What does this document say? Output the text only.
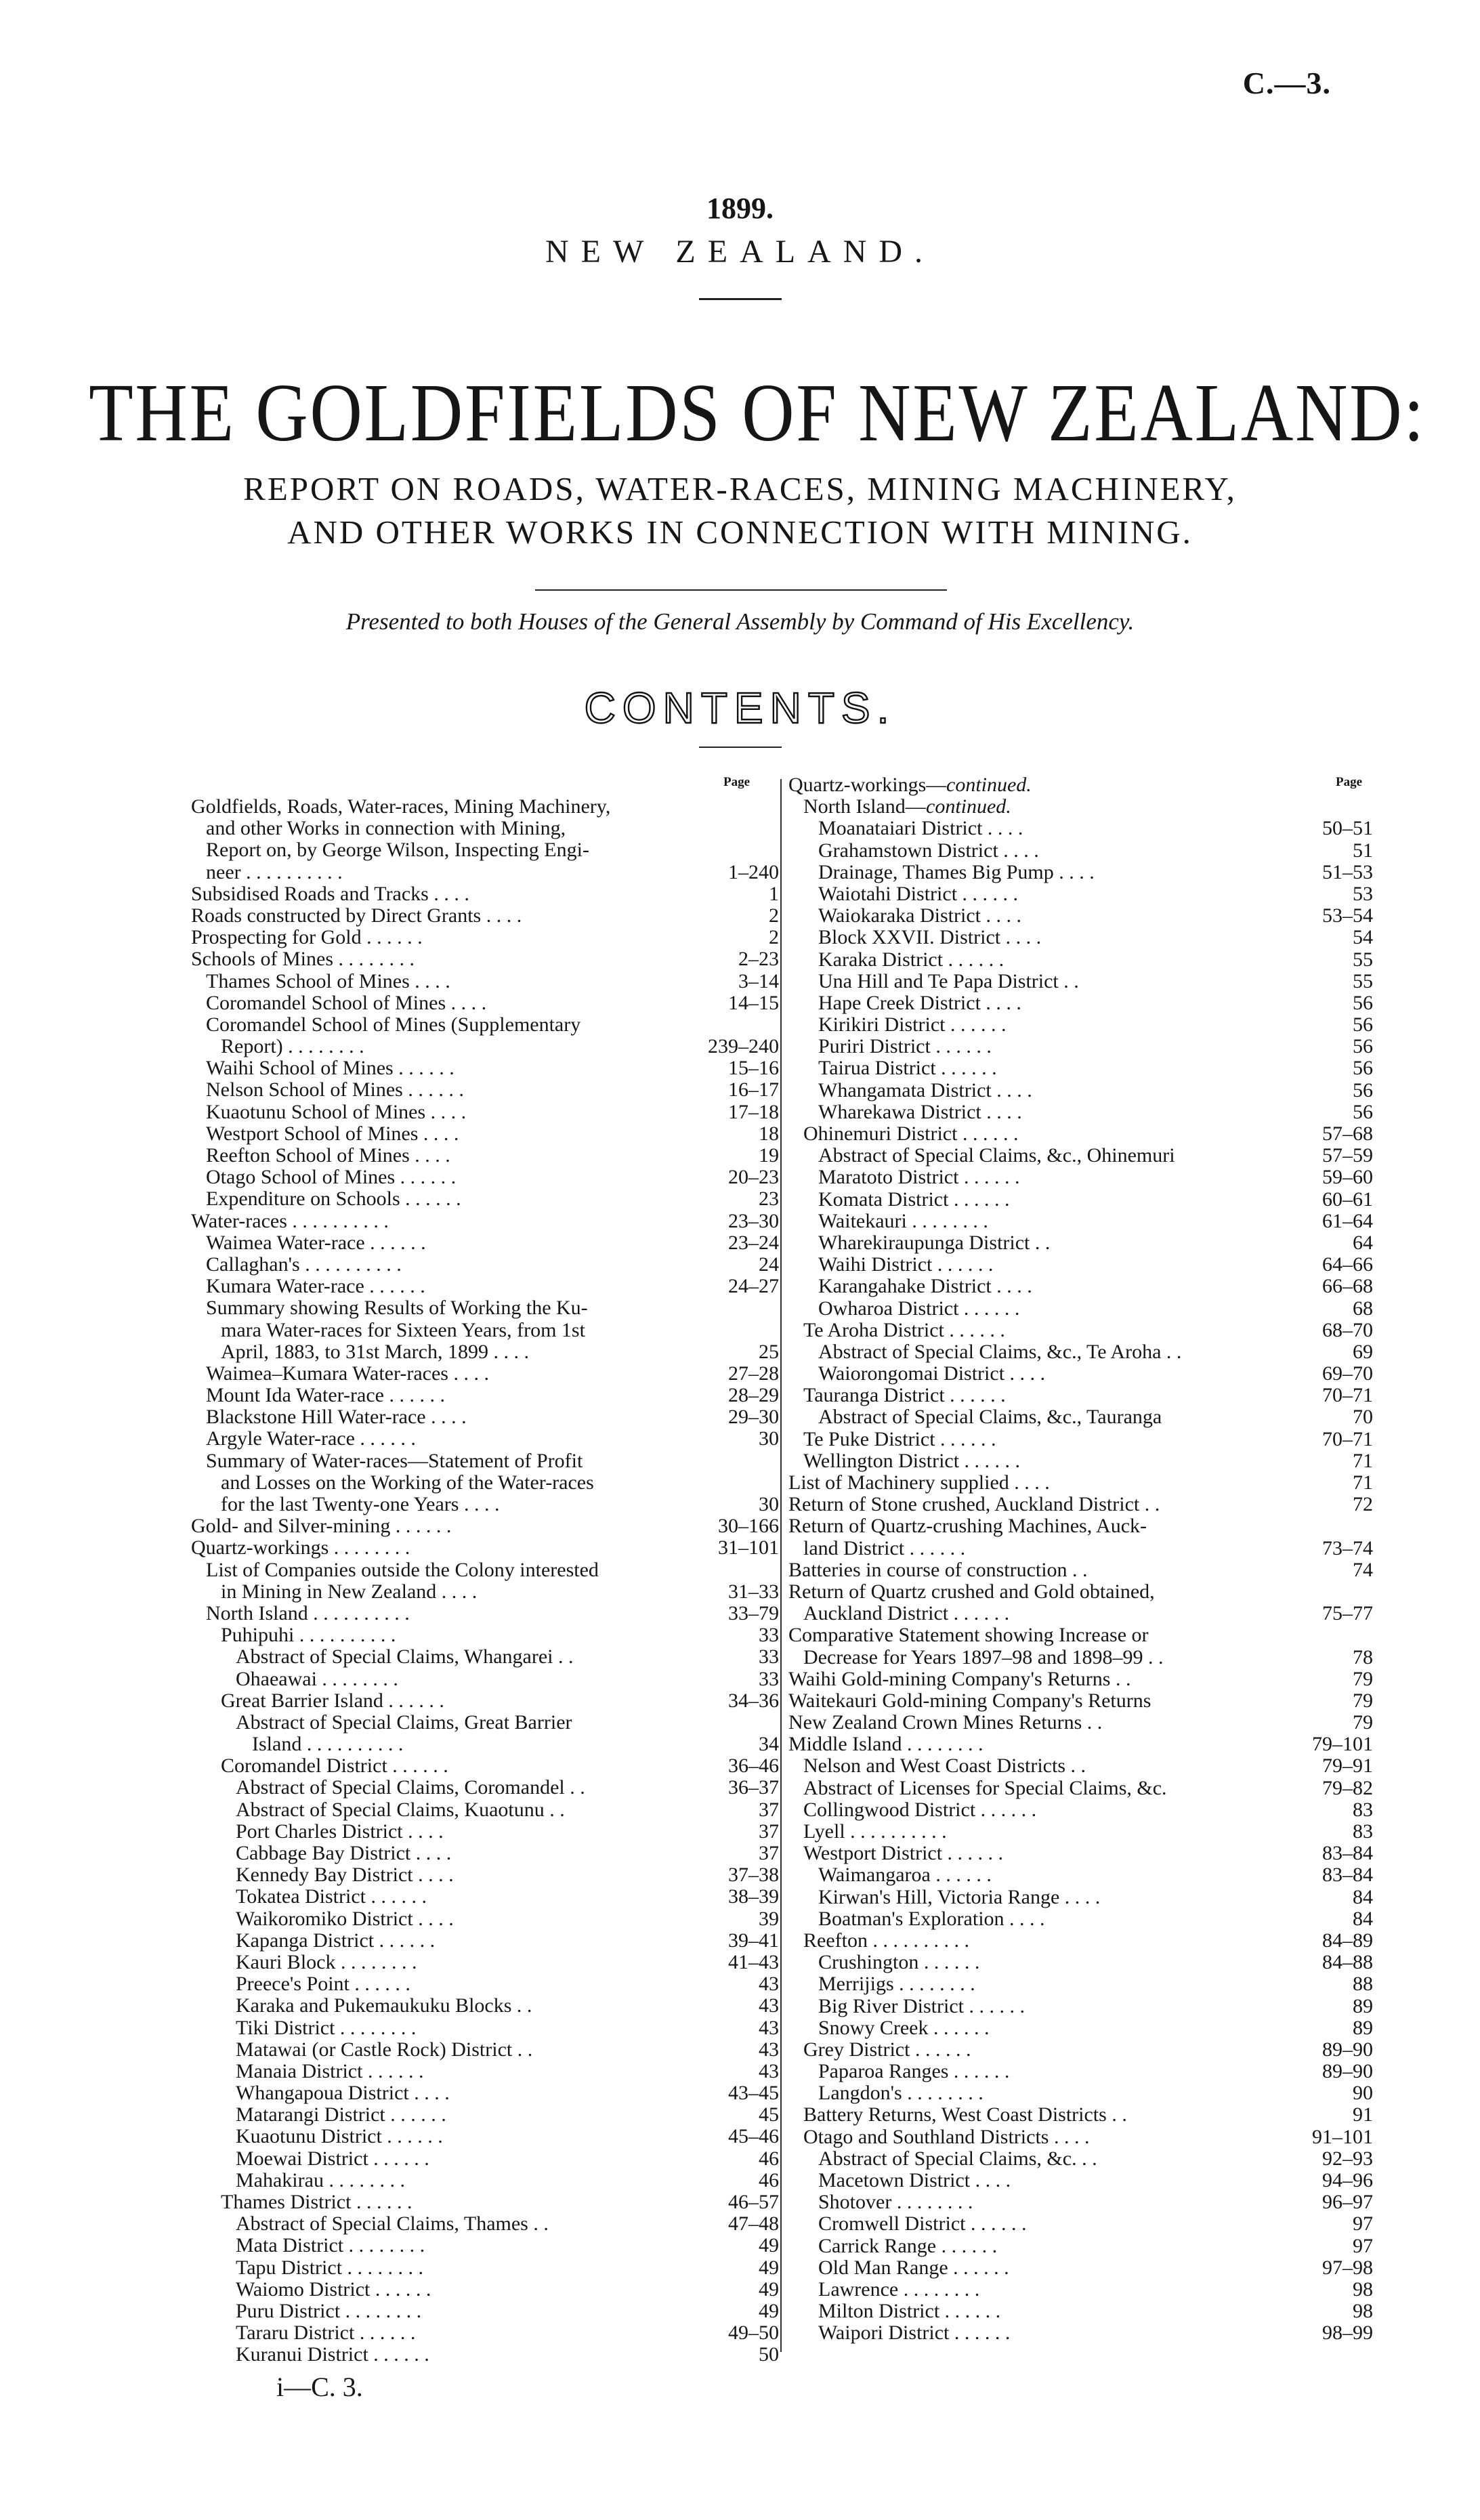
C.—3.
1899.
NEW ZEALAND.
THE GOLDFIELDS OF NEW ZEALAND:
REPORT ON ROADS, WATER-RACES, MINING MACHINERY,
AND OTHER WORKS IN CONNECTION WITH MINING.
Presented to both Houses of the General Assembly by Command of His Excellency.
CONTENTS.
Page	Page
Goldfields, Roads, Water-races, Mining Machinery,
and other Works in connection with Mining,
Report on, by George Wilson, Inspecting Engi-
neer . . . . . . . . . .	1–240
Subsidised Roads and Tracks . . . .	1
Roads constructed by Direct Grants . . . .	2
Prospecting for Gold . . . . . .	2
Schools of Mines . . . . . . . .	2–23
Thames School of Mines . . . .	3–14
Coromandel School of Mines . . . .	14–15
Coromandel School of Mines (Supplementary
Report) . . . . . . . .	239–240
Waihi School of Mines . . . . . .	15–16
Nelson School of Mines . . . . . .	16–17
Kuaotunu School of Mines . . . .	17–18
Westport School of Mines . . . .	18
Reefton School of Mines . . . .	19
Otago School of Mines . . . . . .	20–23
Expenditure on Schools . . . . . .	23
Water-races . . . . . . . . . .	23–30
Waimea Water-race . . . . . .	23–24
Callaghan's . . . . . . . . . .	24
Kumara Water-race . . . . . .	24–27
Summary showing Results of Working the Ku-
mara Water-races for Sixteen Years, from 1st
April, 1883, to 31st March, 1899 . . . .	25
Waimea–Kumara Water-races . . . .	27–28
Mount Ida Water-race . . . . . .	28–29
Blackstone Hill Water-race . . . .	29–30
Argyle Water-race . . . . . .	30
Summary of Water-races—Statement of Profit
and Losses on the Working of the Water-races
for the last Twenty-one Years . . . .	30
Gold- and Silver-mining . . . . . .	30–166
Quartz-workings . . . . . . . .	31–101
List of Companies outside the Colony interested
in Mining in New Zealand . . . .	31–33
North Island . . . . . . . . . .	33–79
Puhipuhi . . . . . . . . . .	33
Abstract of Special Claims, Whangarei . .	33
Ohaeawai . . . . . . . .	33
Great Barrier Island . . . . . .	34–36
Abstract of Special Claims, Great Barrier
Island . . . . . . . . . .	34
Coromandel District . . . . . .	36–46
Abstract of Special Claims, Coromandel . .	36–37
Abstract of Special Claims, Kuaotunu . .	37
Port Charles District . . . .	37
Cabbage Bay District . . . .	37
Kennedy Bay District . . . .	37–38
Tokatea District . . . . . .	38–39
Waikoromiko District . . . .	39
Kapanga District . . . . . .	39–41
Kauri Block . . . . . . . .	41–43
Preece's Point . . . . . .	43
Karaka and Pukemaukuku Blocks . .	43
Tiki District . . . . . . . .	43
Matawai (or Castle Rock) District . .	43
Manaia District . . . . . .	43
Whangapoua District . . . .	43–45
Matarangi District . . . . . .	45
Kuaotunu District . . . . . .	45–46
Moewai District . . . . . .	46
Mahakirau . . . . . . . .	46
Thames District . . . . . .	46–57
Abstract of Special Claims, Thames . .	47–48
Mata District . . . . . . . .	49
Tapu District . . . . . . . .	49
Waiomo District . . . . . .	49
Puru District . . . . . . . .	49
Tararu District . . . . . .	49–50
Kuranui District . . . . . .	50
Quartz-workings— continued.
North Island— continued.
Moanataiari District . . . .	50–51
Grahamstown District . . . .	51
Drainage, Thames Big Pump . . . .	51–53
Waiotahi District . . . . . .	53
Waiokaraka District . . . .	53–54
Block XXVII. District . . . .	54
Karaka District . . . . . .	55
Una Hill and Te Papa District . .	55
Hape Creek District . . . .	56
Kirikiri District . . . . . .	56
Puriri District . . . . . .	56
Tairua District . . . . . .	56
Whangamata District . . . .	56
Wharekawa District . . . .	56
Ohinemuri District . . . . . .	57–68
Abstract of Special Claims, &c., Ohinemuri	57–59
Maratoto District . . . . . .	59–60
Komata District . . . . . .	60–61
Waitekauri . . . . . . . .	61–64
Wharekiraupunga District . .	64
Waihi District . . . . . .	64–66
Karangahake District . . . .	66–68
Owharoa District . . . . . .	68
Te Aroha District . . . . . .	68–70
Abstract of Special Claims, &c., Te Aroha . .	69
Waiorongomai District . . . .	69–70
Tauranga District . . . . . .	70–71
Abstract of Special Claims, &c., Tauranga	70
Te Puke District . . . . . .	70–71
Wellington District . . . . . .	71
List of Machinery supplied . . . .	71
Return of Stone crushed, Auckland District . .	72
Return of Quartz-crushing Machines, Auck-
land District . . . . . .	73–74
Batteries in course of construction . .	74
Return of Quartz crushed and Gold obtained,
Auckland District . . . . . .	75–77
Comparative Statement showing Increase or
Decrease for Years 1897–98 and 1898–99 . .	78
Waihi Gold-mining Company's Returns . .	79
Waitekauri Gold-mining Company's Returns	79
New Zealand Crown Mines Returns . .	79
Middle Island . . . . . . . .	79–101
Nelson and West Coast Districts . .	79–91
Abstract of Licenses for Special Claims, &c.	79–82
Collingwood District . . . . . .	83
Lyell . . . . . . . . . .	83
Westport District . . . . . .	83–84
Waimangaroa . . . . . .	83–84
Kirwan's Hill, Victoria Range . . . .	84
Boatman's Exploration . . . .	84
Reefton . . . . . . . . . .	84–89
Crushington . . . . . .	84–88
Merrijigs . . . . . . . .	88
Big River District . . . . . .	89
Snowy Creek . . . . . .	89
Grey District . . . . . .	89–90
Paparoa Ranges . . . . . .	89–90
Langdon's . . . . . . . .	90
Battery Returns, West Coast Districts . .	91
Otago and Southland Districts . . . .	91–101
Abstract of Special Claims, &c. . .	92–93
Macetown District . . . .	94–96
Shotover . . . . . . . .	96–97
Cromwell District . . . . . .	97
Carrick Range . . . . . .	97
Old Man Range . . . . . .	97–98
Lawrence . . . . . . . .	98
Milton District . . . . . .	98
Waipori District . . . . . .	98–99
i—C. 3.
